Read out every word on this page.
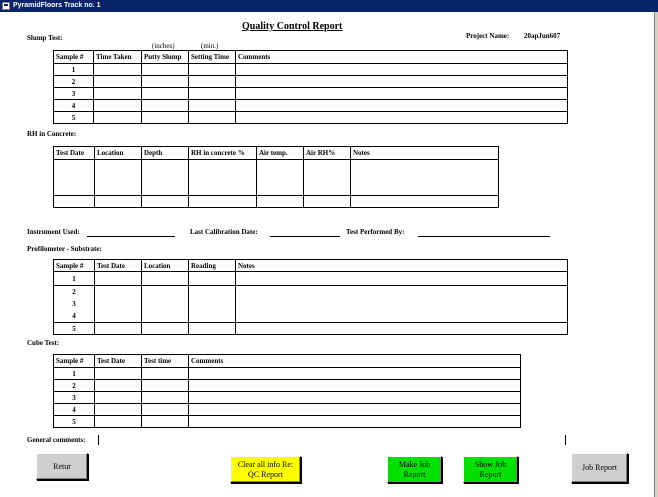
PyramidFloors Track no. 1
Quality Control Report
Project Name: 20apJun607
Slump Test:
(inches)	(min.)
Sample #	Time Taken	Putty Slump	Setting Time	Comments
1				
2				
3				
4				
5				
RH in Concrete:
Test Date	Location	Depth	RH in concrete %	Air temp.	Air RH%	Notes

Instrument Used:	Last Calibration Date:	Test Performed By:
Profilometer - Substrate:
Sample #	Test Date	Location	Reading	Notes
1				

2
3
4				

5				
Cube Test:
Sample #	Test Date	Test time	Comments
1			
2			
3			
4			
5			
General comments:
Retur	Clear all info Re: QC Report
Make Job Report
Show Job Report
Job Report
